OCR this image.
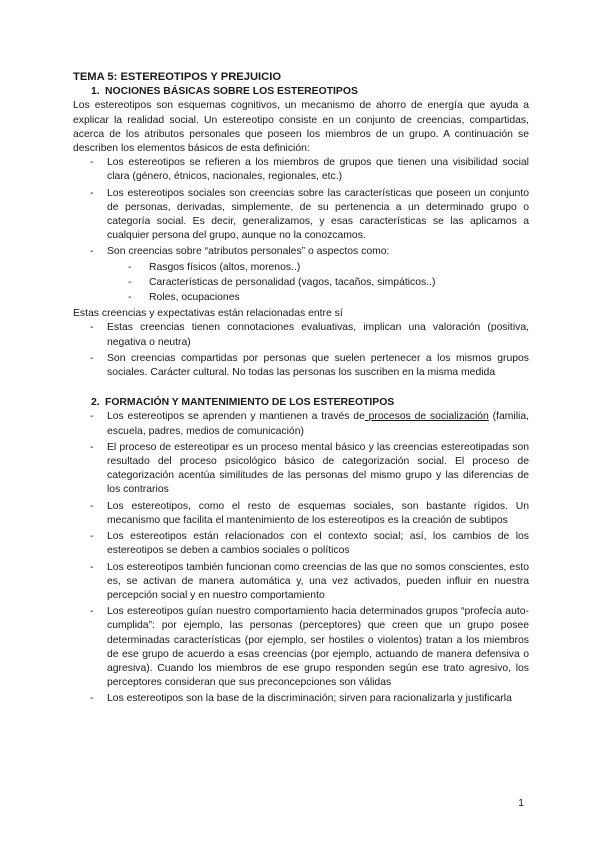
TEMA 5: ESTEREOTIPOS Y PREJUICIO

1. NOCIONES BÁSICAS SOBRE LOS ESTEREOTIPOS

Los estereotipos son esquemas cognitivos, un mecanismo de ahorro de energía que ayuda a explicar la realidad social. Un estereotipo consiste en un conjunto de creencias, compartidas, acerca de los atributos personales que poseen los miembros de un grupo. A continuación se describen los elementos básicos de esta definición:

- Los estereotipos se refieren a los miembros de grupos que tienen una visibilidad social clara (género, étnicos, nacionales, regionales, etc.)
- Los estereotipos sociales son creencias sobre las características que poseen un conjunto de personas, derivadas, simplemente, de su pertenencia a un determinado grupo o categoría social. Es decir, generalizamos, y esas características se las aplicamos a cualquier persona del grupo, aunque no la conozcamos.
- Son creencias sobre “atributos personales” o aspectos como:
- Rasgos físicos (altos, morenos..)
- Características de personalidad (vagos, tacaños, simpáticos..)
- Roles, ocupaciones

Estas creencias y expectativas están relacionadas entre sí

- Estas creencias tienen connotaciones evaluativas, implican una valoración (positiva, negativa o neutra)
- Son creencias compartidas por personas que suelen pertenecer a los mismos grupos sociales. Carácter cultural. No todas las personas los suscriben en la misma medida
2. FORMACIÓN Y MANTENIMIENTO DE LOS ESTEREOTIPOS
- Los estereotipos se aprenden y mantienen a través de procesos de socialización (familia, escuela, padres, medios de comunicación)
- El proceso de estereotipar es un proceso mental básico y las creencias estereotipadas son resultado del proceso psicológico básico de categorización social. El proceso de categorización acentúa similitudes de las personas del mismo grupo y las diferencias de los contrarios
- Los estereotipos, como el resto de esquemas sociales, son bastante rígidos. Un mecanismo que facilita el mantenimiento de los estereotipos es la creación de subtipos
- Los estereotipos están relacionados con el contexto social; así, los cambios de los estereotipos se deben a cambios sociales o políticos
- Los estereotipos también funcionan como creencias de las que no somos conscientes, esto es, se activan de manera automática y, una vez activados, pueden influir en nuestra percepción social y en nuestro comportamiento
- Los estereotipos guían nuestro comportamiento hacia determinados grupos “profecía auto-cumplida”: por ejemplo, las personas (perceptores) que creen que un grupo posee determinadas características (por ejemplo, ser hostiles o violentos) tratan a los miembros de ese grupo de acuerdo a esas creencias (por ejemplo, actuando de manera defensiva o agresiva). Cuando los miembros de ese grupo responden según ese trato agresivo, los perceptores consideran que sus preconcepciones son válidas
- Los estereotipos son la base de la discriminación; sirven para racionalizarla y justificarla
1
